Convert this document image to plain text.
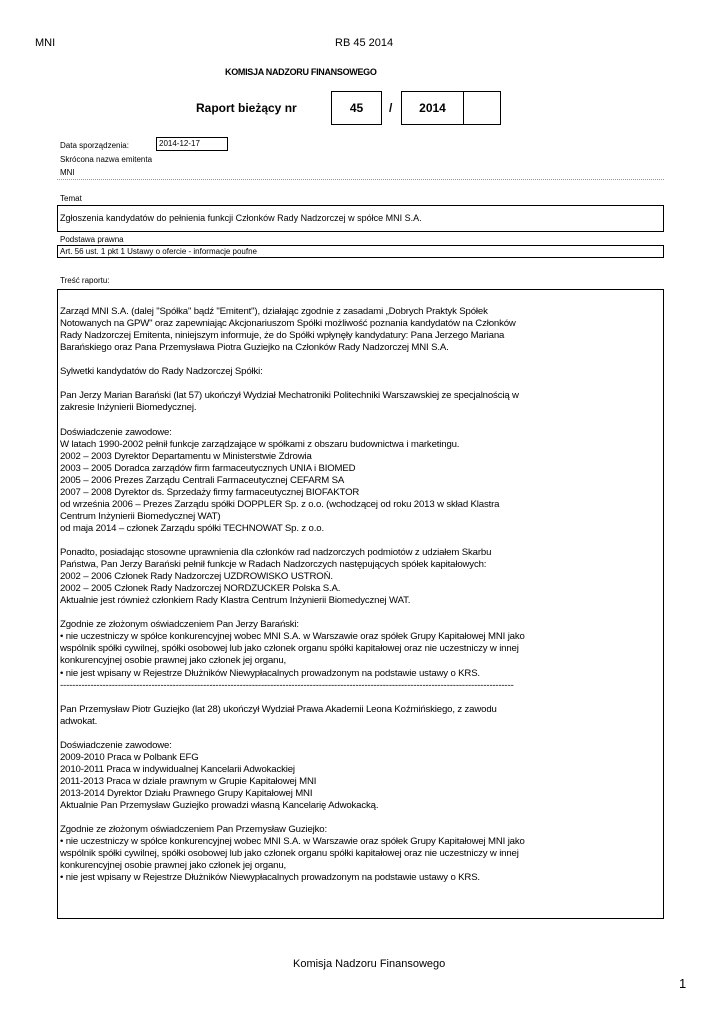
MNI	RB 45 2014
KOMISJA NADZORU FINANSOWEGO
Raport bieżący nr	45	/	2014
Data sporządzenia:	2014-12-17
Skrócona nazwa emitenta
MNI
Temat
Zgłoszenia kandydatów do pełnienia funkcji Członków Rady Nadzorczej w spółce MNI S.A.
Podstawa prawna
Art. 56 ust. 1 pkt 1 Ustawy o ofercie - informacje poufne
Treść raportu:
Zarząd MNI S.A. (dalej "Spółka" bądź "Emitent"), działając zgodnie z zasadami „Dobrych Praktyk Spółek
Notowanych na GPW" oraz zapewniając Akcjonariuszom Spółki możliwość poznania kandydatów na Członków
Rady Nadzorczej Emitenta, niniejszym informuje, że do Spółki wpłynęły kandydatury: Pana Jerzego Mariana
Barańskiego oraz Pana Przemysława Piotra Guziejko na Członków Rady Nadzorczej MNI S.A.
Sylwetki kandydatów do Rady Nadzorczej Spółki:
Pan Jerzy Marian Barański (lat 57) ukończył Wydział Mechatroniki Politechniki Warszawskiej ze specjalnością w
zakresie Inżynierii Biomedycznej.
Doświadczenie zawodowe:
W latach 1990-2002 pełnił funkcje zarządzające w spółkami z obszaru budownictwa i marketingu.
2002 – 2003 Dyrektor Departamentu w Ministerstwie Zdrowia
2003 – 2005 Doradca zarządów firm farmaceutycznych UNIA i BIOMED
2005 – 2006 Prezes Zarządu Centrali Farmaceutycznej CEFARM SA
2007 – 2008 Dyrektor ds. Sprzedaży firmy farmaceutycznej BIOFAKTOR
od września 2006 – Prezes Zarządu spółki DOPPLER Sp. z o.o. (wchodzącej od roku 2013 w skład Klastra
Centrum Inżynierii Biomedycznej WAT)
od maja 2014 – członek Zarządu spółki TECHNOWAT Sp. z o.o.
Ponadto, posiadając stosowne uprawnienia dla członków rad nadzorczych podmiotów z udziałem Skarbu
Państwa, Pan Jerzy Barański pełnił funkcje w Radach Nadzorczych następujących spółek kapitałowych:
2002 – 2006 Członek Rady Nadzorczej UZDROWISKO USTROŃ.
2002 – 2005 Członek Rady Nadzorczej NORDZUCKER Polska S.A.
Aktualnie jest również członkiem Rady Klastra Centrum Inżynierii Biomedycznej WAT.
Zgodnie ze złożonym oświadczeniem Pan Jerzy Barański:
• nie uczestniczy w spółce konkurencyjnej wobec MNI S.A. w Warszawie oraz spółek Grupy Kapitałowej MNI jako
wspólnik spółki cywilnej, spółki osobowej lub jako członek organu spółki kapitałowej oraz nie uczestniczy w innej
konkurencyjnej osobie prawnej jako członek jej organu,
• nie jest wpisany w Rejestrze Dłużników Niewypłacalnych prowadzonym na podstawie ustawy o KRS.
-----------------------------------------------------------------------------------------------------------------------------------------------------
Pan Przemysław Piotr Guziejko (lat 28) ukończył Wydział Prawa Akademii Leona Koźmińskiego, z zawodu
adwokat.
Doświadczenie zawodowe:
2009-2010 Praca w Polbank EFG
2010-2011 Praca w indywidualnej Kancelarii Adwokackiej
2011-2013 Praca w dziale prawnym w Grupie Kapitałowej MNI
2013-2014 Dyrektor Działu Prawnego Grupy Kapitałowej MNI
Aktualnie Pan Przemysław Guziejko prowadzi własną Kancelarię Adwokacką.
Zgodnie ze złożonym oświadczeniem Pan Przemysław Guziejko:
• nie uczestniczy w spółce konkurencyjnej wobec MNI S.A. w Warszawie oraz spółek Grupy Kapitałowej MNI jako
wspólnik spółki cywilnej, spółki osobowej lub jako członek organu spółki kapitałowej oraz nie uczestniczy w innej
konkurencyjnej osobie prawnej jako członek jej organu,
• nie jest wpisany w Rejestrze Dłużników Niewypłacalnych prowadzonym na podstawie ustawy o KRS.
Komisja Nadzoru Finansowego
1
